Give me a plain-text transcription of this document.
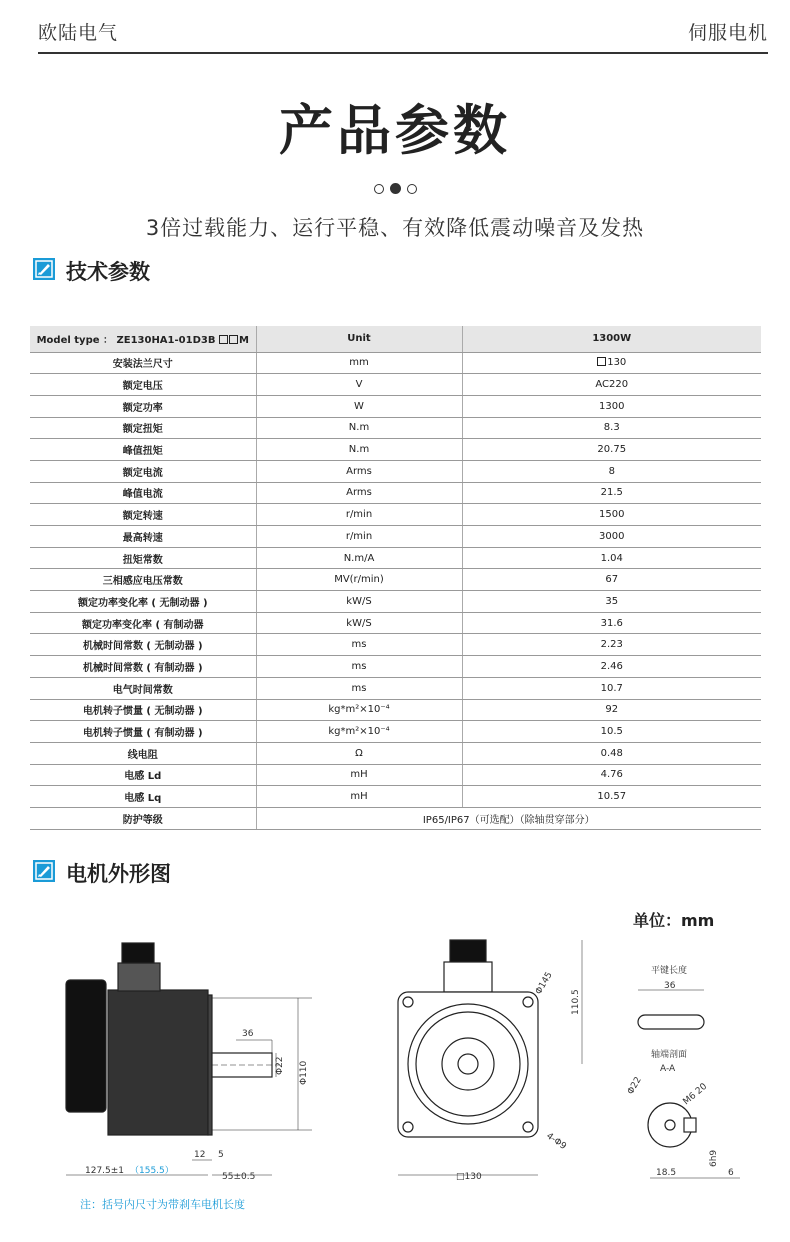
欧陆电气	伺服电机
产品参数
3倍过载能力、运行平稳、有效降低震动噪音及发热
技术参数
Model type ： ZE130HA1-01D3B M	Unit	1300W
安装法兰尺寸	mm	130
额定电压	V	AC220
额定功率	W	1300
额定扭矩	N.m	8.3
峰值扭矩	N.m	20.75
额定电流	Arms	8
峰值电流	Arms	21.5
额定转速	r/min	1500
最高转速	r/min	3000
扭矩常数	N.m/A	1.04
三相感应电压常数	MV(r/min)	67
额定功率变化率 ( 无制动器 )	kW/S	35
额定功率变化率 ( 有制动器	kW/S	31.6
机械时间常数 ( 无制动器 )	ms	2.23
机械时间常数 ( 有制动器 )	ms	2.46
电气时间常数	ms	10.7
电机转子惯量 ( 无制动器 )	kg*m²×10⁻⁴	92
电机转子惯量 ( 有制动器 )	kg*m²×10⁻⁴	10.5
线电阻	Ω	0.48
电感 Ld	mH	4.76
电感 Lq	mH	10.57
防护等级	IP65/IP67（可选配）（除轴贯穿部分）	
电机外形图
单位：mm
36
Φ22 Φ110
12 5
127.5±1 （155.5）
55±0.5
Φ145
110.5
4-Φ9
□130
平键长度
36
轴端剖面
A-A
Φ22	M6 20
18.5
6h9
6
注：括号内尺寸为带刹车电机长度
